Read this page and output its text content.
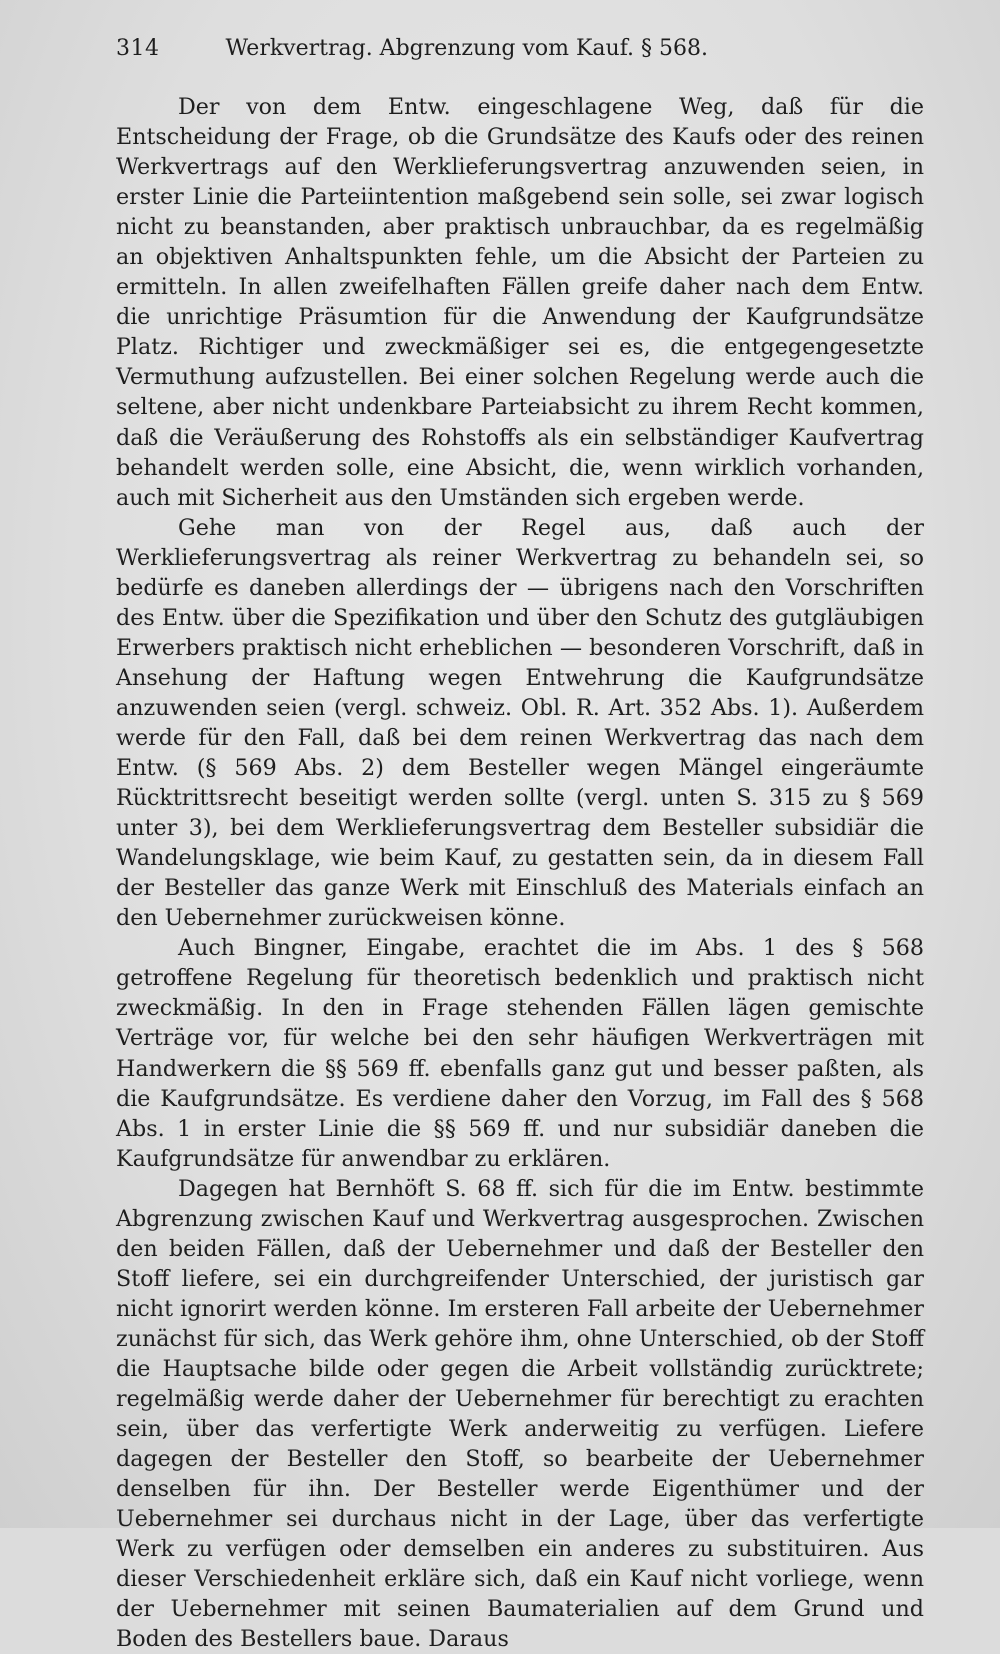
314	Werkvertrag. Abgrenzung vom Kauf. § 568.

Der von dem Entw. eingeschlagene Weg, daß für die Entscheidung der Frage, ob die Grundsätze des Kaufs oder des reinen Werkvertrags auf den Werklieferungsvertrag anzuwenden seien, in erster Linie die Parteiintention maßgebend sein solle, sei zwar logisch nicht zu beanstanden, aber praktisch unbrauchbar, da es regelmäßig an objektiven Anhaltspunkten fehle, um die Absicht der Parteien zu ermitteln. In allen zweifelhaften Fällen greife daher nach dem Entw. die unrichtige Präsumtion für die Anwendung der Kaufgrundsätze Platz. Richtiger und zweckmäßiger sei es, die entgegengesetzte Vermuthung aufzustellen. Bei einer solchen Regelung werde auch die seltene, aber nicht undenkbare Parteiabsicht zu ihrem Recht kommen, daß die Veräußerung des Rohstoffs als ein selbständiger Kaufvertrag behandelt werden solle, eine Absicht, die, wenn wirklich vorhanden, auch mit Sicherheit aus den Umständen sich ergeben werde.

Gehe man von der Regel aus, daß auch der Werklieferungsvertrag als reiner Werkvertrag zu behandeln sei, so bedürfe es daneben allerdings der — übrigens nach den Vorschriften des Entw. über die Spezifikation und über den Schutz des gutgläubigen Erwerbers praktisch nicht erheblichen — besonderen Vorschrift, daß in Ansehung der Haftung wegen Entwehrung die Kaufgrundsätze anzuwenden seien (vergl. schweiz. Obl. R. Art. 352 Abs. 1). Außerdem werde für den Fall, daß bei dem reinen Werkvertrag das nach dem Entw. (§ 569 Abs. 2) dem Besteller wegen Mängel eingeräumte Rücktrittsrecht beseitigt werden sollte (vergl. unten S. 315 zu § 569 unter 3), bei dem Werklieferungsvertrag dem Besteller subsidiär die Wandelungsklage, wie beim Kauf, zu gestatten sein, da in diesem Fall der Besteller das ganze Werk mit Einschluß des Materials einfach an den Uebernehmer zurückweisen könne.

Auch Bingner, Eingabe, erachtet die im Abs. 1 des § 568 getroffene Regelung für theoretisch bedenklich und praktisch nicht zweckmäßig. In den in Frage stehenden Fällen lägen gemischte Verträge vor, für welche bei den sehr häufigen Werkverträgen mit Handwerkern die §§ 569 ff. ebenfalls ganz gut und besser paßten, als die Kaufgrundsätze. Es verdiene daher den Vorzug, im Fall des § 568 Abs. 1 in erster Linie die §§ 569 ff. und nur subsidiär daneben die Kaufgrundsätze für anwendbar zu erklären.

Dagegen hat Bernhöft S. 68 ff. sich für die im Entw. bestimmte Abgrenzung zwischen Kauf und Werkvertrag ausgesprochen. Zwischen den beiden Fällen, daß der Uebernehmer und daß der Besteller den Stoff liefere, sei ein durchgreifender Unterschied, der juristisch gar nicht ignorirt werden könne. Im ersteren Fall arbeite der Uebernehmer zunächst für sich, das Werk gehöre ihm, ohne Unterschied, ob der Stoff die Hauptsache bilde oder gegen die Arbeit vollständig zurücktrete; regelmäßig werde daher der Uebernehmer für berechtigt zu erachten sein, über das verfertigte Werk anderweitig zu verfügen. Liefere dagegen der Besteller den Stoff, so bearbeite der Uebernehmer denselben für ihn. Der Besteller werde Eigenthümer und der Uebernehmer sei durchaus nicht in der Lage, über das verfertigte Werk zu verfügen oder demselben ein anderes zu substituiren. Aus dieser Verschiedenheit erkläre sich, daß ein Kauf nicht vorliege, wenn der Uebernehmer mit seinen Baumaterialien auf dem Grund und Boden des Bestellers baue. Daraus
